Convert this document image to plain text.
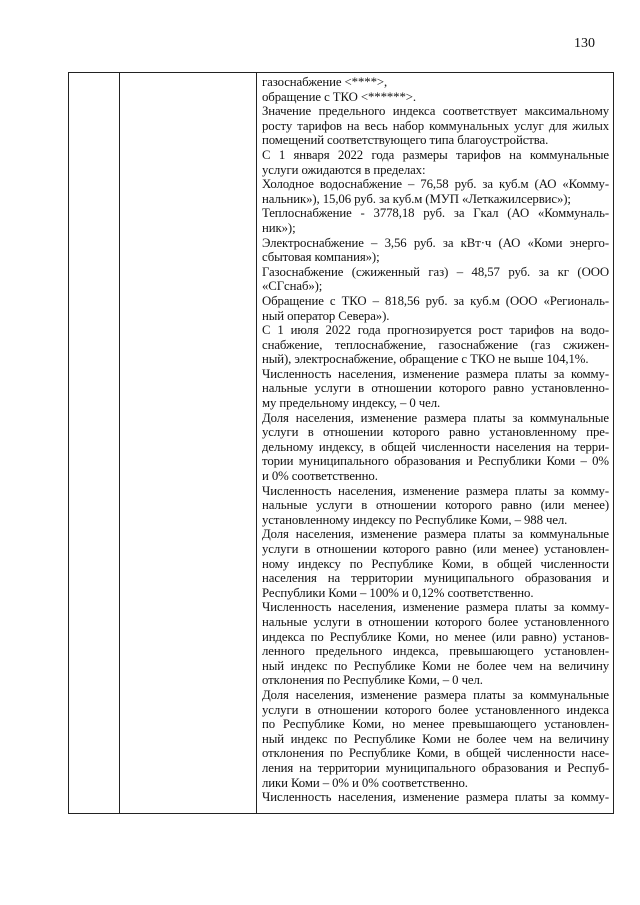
130

газоснабжение <****>,
обращение с ТКО <******>.
Значение предельного индекса соответствует максимальному
росту тарифов на весь набор коммунальных услуг для жилых
помещений соответствующего типа благоустройства.
С 1 января 2022 года размеры тарифов на коммунальные
услуги ожидаются в пределах:
Холодное водоснабжение – 76,58 руб. за куб.м (АО «Комму-
нальник»), 15,06 руб. за куб.м (МУП «Леткажилсервис»);
Теплоснабжение - 3778,18 руб. за Гкал (АО «Коммуналь-
ник»);
Электроснабжение – 3,56 руб. за кВт·ч (АО «Коми энерго-
сбытовая компания»);
Газоснабжение (сжиженный газ) – 48,57 руб. за кг (ООО
«СГснаб»);
Обращение с ТКО – 818,56 руб. за куб.м (ООО «Региональ-
ный оператор Севера»).
С 1 июля 2022 года прогнозируется рост тарифов на водо-
снабжение, теплоснабжение, газоснабжение (газ сжижен-
ный), электроснабжение, обращение с ТКО не выше 104,1%.
Численность населения, изменение размера платы за комму-
нальные услуги в отношении которого равно установленно-
му предельному индексу, – 0 чел.
Доля населения, изменение размера платы за коммунальные
услуги в отношении которого равно установленному пре-
дельному индексу, в общей численности населения на терри-
тории муниципального образования и Республики Коми – 0%
и 0% соответственно.
Численность населения, изменение размера платы за комму-
нальные услуги в отношении которого равно (или менее)
установленному индексу по Республике Коми, – 988 чел.
Доля населения, изменение размера платы за коммунальные
услуги в отношении которого равно (или менее) установлен-
ному индексу по Республике Коми, в общей численности
населения на территории муниципального образования и
Республики Коми – 100% и 0,12% соответственно.
Численность населения, изменение размера платы за комму-
нальные услуги в отношении которого более установленного
индекса по Республике Коми, но менее (или равно) установ-
ленного предельного индекса, превышающего установлен-
ный индекс по Республике Коми не более чем на величину
отклонения по Республике Коми, – 0 чел.
Доля населения, изменение размера платы за коммунальные
услуги в отношении которого более установленного индекса
по Республике Коми, но менее превышающего установлен-
ный индекс по Республике Коми не более чем на величину
отклонения по Республике Коми, в общей численности насе-
ления на территории муниципального образования и Респуб-
лики Коми – 0% и 0% соответственно.
Численность населения, изменение размера платы за комму-
